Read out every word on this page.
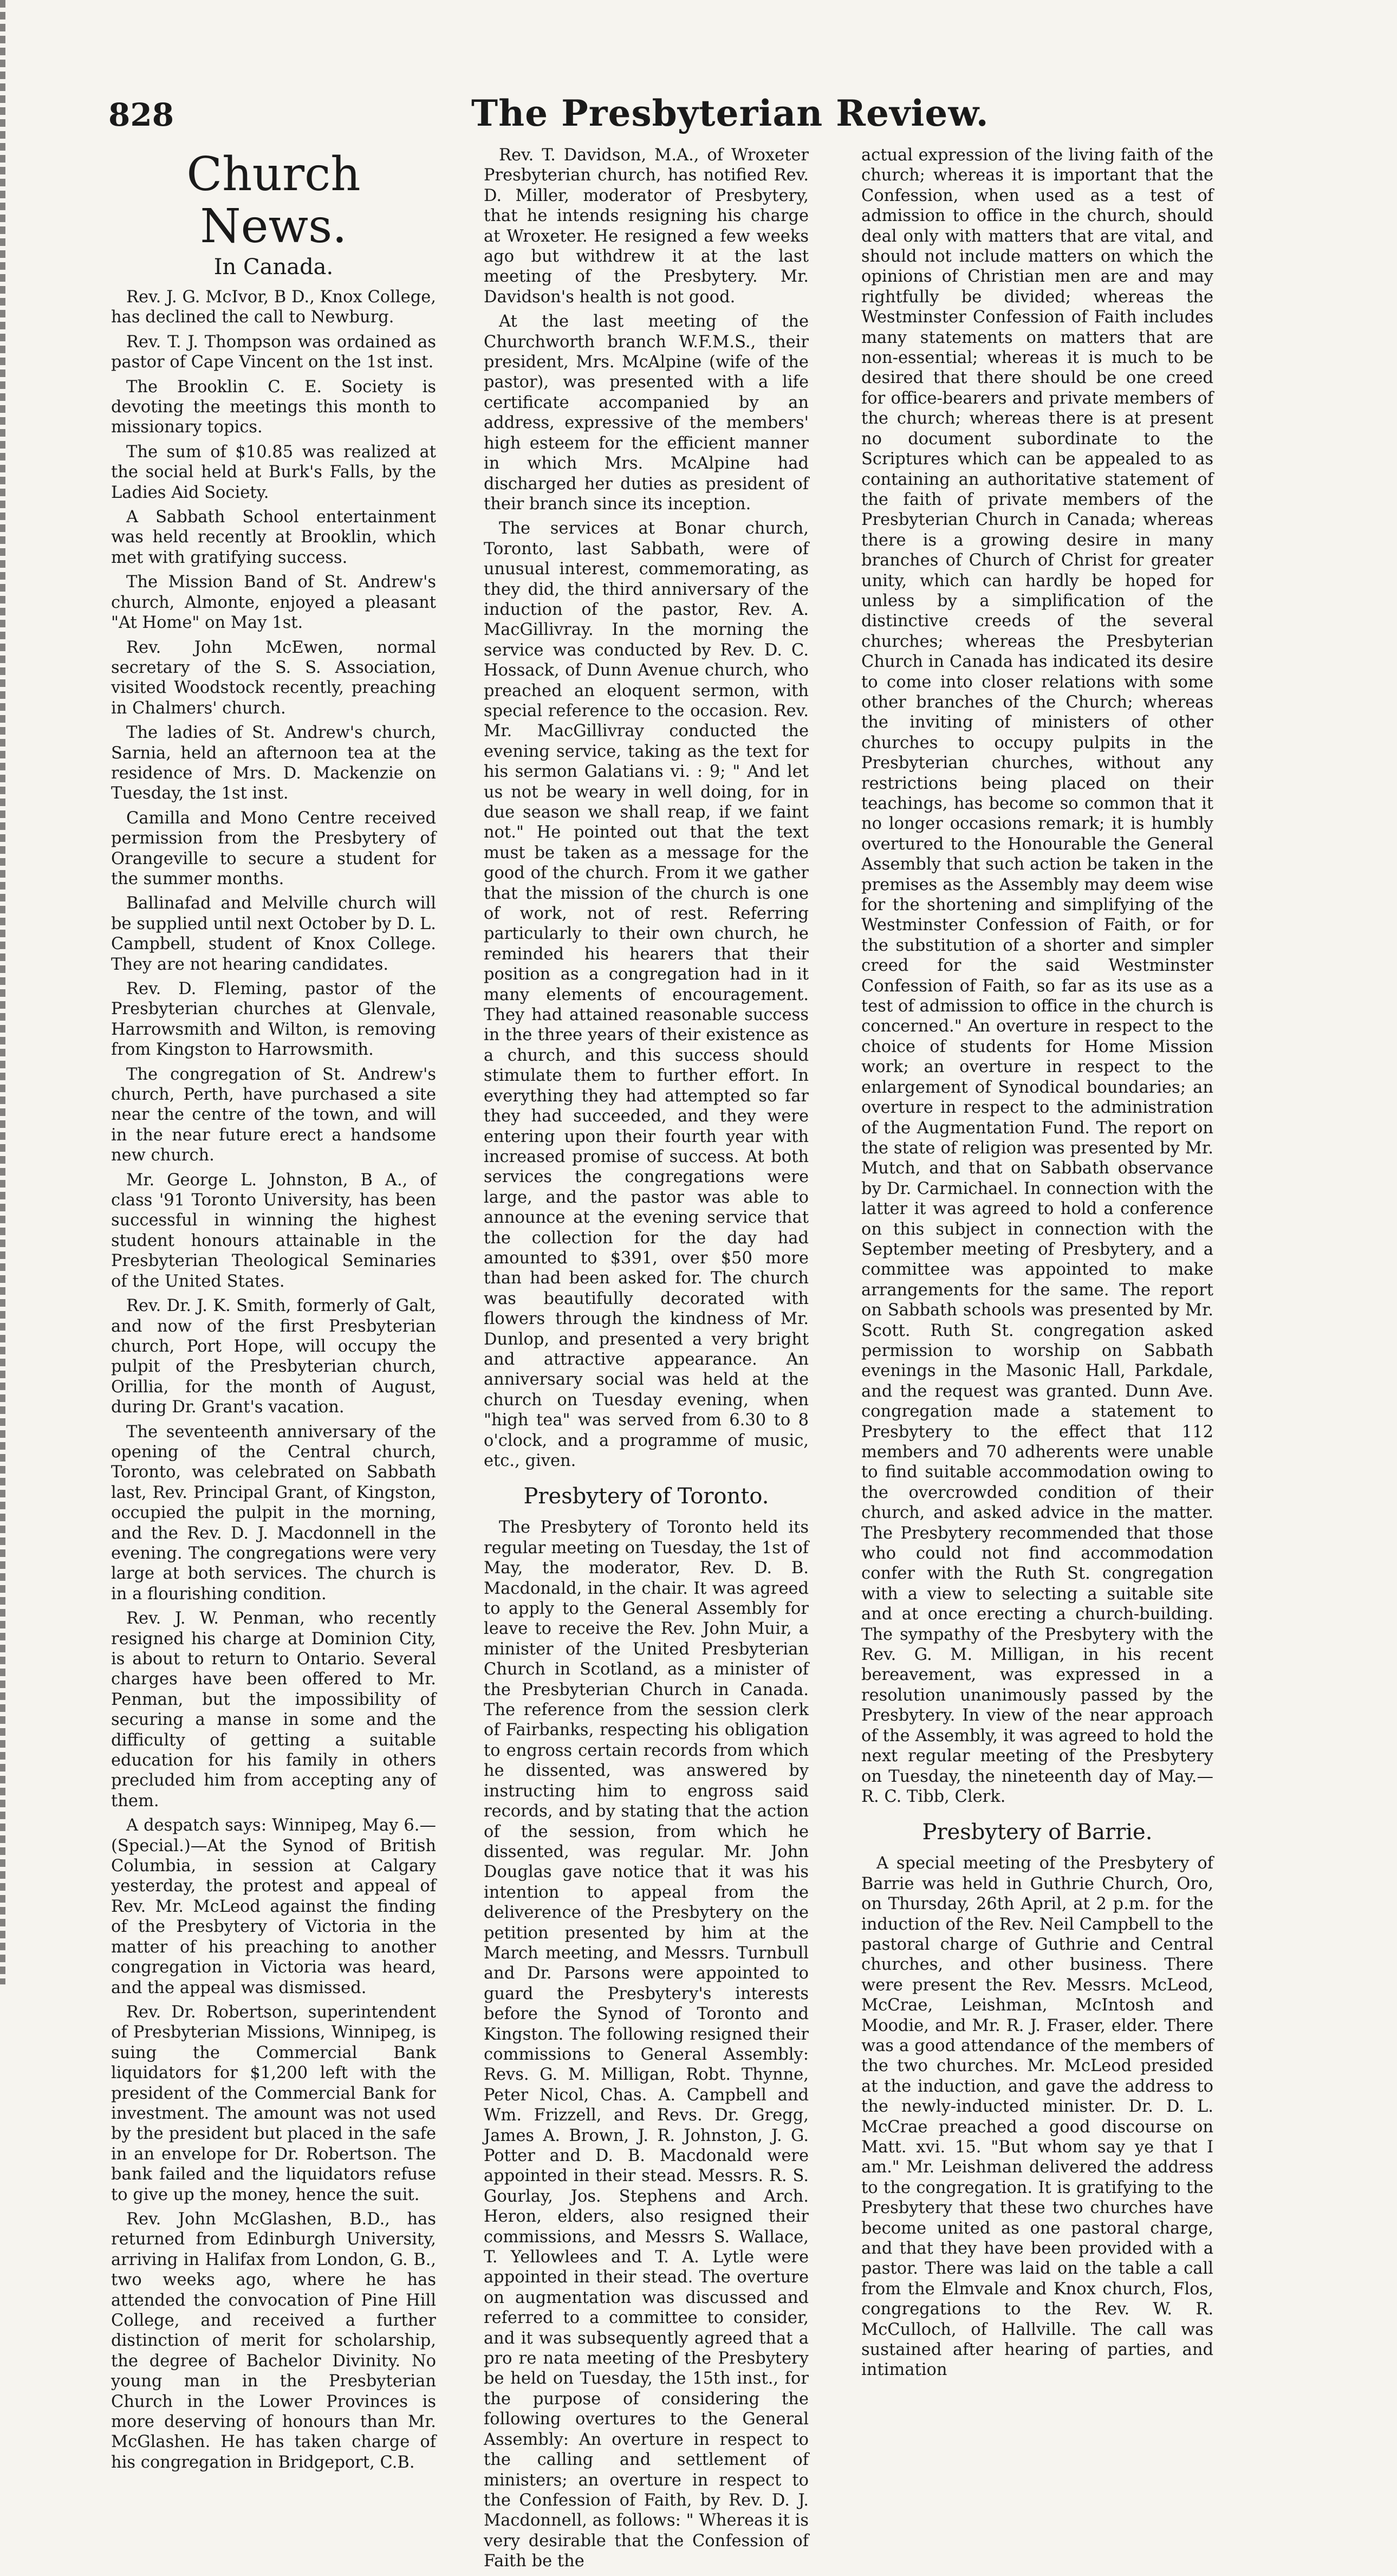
828	The Presbyterian Review.
Church News.
In Canada.

Rev. J. G. McIvor, B D., Knox College, has declined the call to Newburg.

Rev. T. J. Thompson was ordained as pastor of Cape Vincent on the 1st inst.

The Brooklin C. E. Society is devoting the meetings this month to missionary topics.

The sum of $10.85 was realized at the social held at Burk's Falls, by the Ladies Aid Society.

A Sabbath School entertainment was held recently at Brooklin, which met with gratifying success.

The Mission Band of St. Andrew's church, Almonte, enjoyed a pleasant "At Home" on May 1st.

Rev. John McEwen, normal secretary of the S. S. Association, visited Woodstock recently, preaching in Chalmers' church.

The ladies of St. Andrew's church, Sarnia, held an afternoon tea at the residence of Mrs. D. Mackenzie on Tuesday, the 1st inst.

Camilla and Mono Centre received permission from the Presbytery of Orangeville to secure a student for the summer months.

Ballinafad and Melville church will be supplied until next October by D. L. Campbell, student of Knox College. They are not hearing candidates.

Rev. D. Fleming, pastor of the Presbyterian churches at Glenvale, Harrowsmith and Wilton, is removing from Kingston to Harrowsmith.

The congregation of St. Andrew's church, Perth, have purchased a site near the centre of the town, and will in the near future erect a handsome new church.

Mr. George L. Johnston, B A., of class '91 Toronto University, has been successful in winning the highest student honours attainable in the Presbyterian Theological Seminaries of the United States.

Rev. Dr. J. K. Smith, formerly of Galt, and now of the first Presbyterian church, Port Hope, will occupy the pulpit of the Presbyterian church, Orillia, for the month of August, during Dr. Grant's vacation.

The seventeenth anniversary of the opening of the Central church, Toronto, was celebrated on Sabbath last, Rev. Principal Grant, of Kingston, occupied the pulpit in the morning, and the Rev. D. J. Macdonnell in the evening. The congregations were very large at both services. The church is in a flourishing condition.

Rev. J. W. Penman, who recently resigned his charge at Dominion City, is about to return to Ontario. Several charges have been offered to Mr. Penman, but the impossibility of securing a manse in some and the difficulty of getting a suitable education for his family in others precluded him from accepting any of them.

A despatch says: Winnipeg, May 6.—(Special.)—At the Synod of British Columbia, in session at Calgary yesterday, the protest and appeal of Rev. Mr. McLeod against the finding of the Presbytery of Victoria in the matter of his preaching to another congregation in Victoria was heard, and the appeal was dismissed.

Rev. Dr. Robertson, superintendent of Presbyterian Missions, Winnipeg, is suing the Commercial Bank liquidators for $1,200 left with the president of the Commercial Bank for investment. The amount was not used by the president but placed in the safe in an envelope for Dr. Robertson. The bank failed and the liquidators refuse to give up the money, hence the suit.

Rev. John McGlashen, B.D., has returned from Edinburgh University, arriving in Halifax from London, G. B., two weeks ago, where he has attended the convocation of Pine Hill College, and received a further distinction of merit for scholarship, the degree of Bachelor Divinity. No young man in the Presbyterian Church in the Lower Provinces is more deserving of honours than Mr. McGlashen. He has taken charge of his congregation in Bridgeport, C.B.

Rev. T. Davidson, M.A., of Wroxeter Presbyterian church, has notified Rev. D. Miller, moderator of Presbytery, that he intends resigning his charge at Wroxeter. He resigned a few weeks ago but withdrew it at the last meeting of the Presbytery. Mr. Davidson's health is not good.

At the last meeting of the Churchworth branch W.F.M.S., their president, Mrs. McAlpine (wife of the pastor), was presented with a life certificate accompanied by an address, expressive of the members' high esteem for the efficient manner in which Mrs. McAlpine had discharged her duties as president of their branch since its inception.

The services at Bonar church, Toronto, last Sabbath, were of unusual interest, commemorating, as they did, the third anniversary of the induction of the pastor, Rev. A. MacGillivray. In the morning the service was conducted by Rev. D. C. Hossack, of Dunn Avenue church, who preached an eloquent sermon, with special reference to the occasion. Rev. Mr. MacGillivray conducted the evening service, taking as the text for his sermon Galatians vi. : 9; " And let us not be weary in well doing, for in due season we shall reap, if we faint not." He pointed out that the text must be taken as a message for the good of the church. From it we gather that the mission of the church is one of work, not of rest. Referring particularly to their own church, he reminded his hearers that their position as a congregation had in it many elements of encouragement. They had attained reasonable success in the three years of their existence as a church, and this success should stimulate them to further effort. In everything they had attempted so far they had succeeded, and they were entering upon their fourth year with increased promise of success. At both services the congregations were large, and the pastor was able to announce at the evening service that the collection for the day had amounted to $391, over $50 more than had been asked for. The church was beautifully decorated with flowers through the kindness of Mr. Dunlop, and presented a very bright and attractive appearance. An anniversary social was held at the church on Tuesday evening, when "high tea" was served from 6.30 to 8 o'clock, and a programme of music, etc., given.

Presbytery of Toronto.

The Presbytery of Toronto held its regular meeting on Tuesday, the 1st of May, the moderator, Rev. D. B. Macdonald, in the chair. It was agreed to apply to the General Assembly for leave to receive the Rev. John Muir, a minister of the United Presbyterian Church in Scotland, as a minister of the Presbyterian Church in Canada. The reference from the session clerk of Fairbanks, respecting his obligation to engross certain records from which he dissented, was answered by instructing him to engross said records, and by stating that the action of the session, from which he dissented, was regular. Mr. John Douglas gave notice that it was his intention to appeal from the deliverence of the Presbytery on the petition presented by him at the March meeting, and Messrs. Turnbull and Dr. Parsons were appointed to guard the Presbytery's interests before the Synod of Toronto and Kingston. The following resigned their commissions to General Assembly: Revs. G. M. Milligan, Robt. Thynne, Peter Nicol, Chas. A. Campbell and Wm. Frizzell, and Revs. Dr. Gregg, James A. Brown, J. R. Johnston, J. G. Potter and D. B. Macdonald were appointed in their stead. Messrs. R. S. Gourlay, Jos. Stephens and Arch. Heron, elders, also resigned their commissions, and Messrs S. Wallace, T. Yellowlees and T. A. Lytle were appointed in their stead. The overture on augmentation was discussed and referred to a committee to consider, and it was subsequently agreed that a pro re nata meeting of the Presbytery be held on Tuesday, the 15th inst., for the purpose of considering the following overtures to the General Assembly: An overture in respect to the calling and settlement of ministers; an overture in respect to the Confession of Faith, by Rev. D. J. Macdonnell, as follows: " Whereas it is very desirable that the Confession of Faith be the

actual expression of the living faith of the church; whereas it is important that the Confession, when used as a test of admission to office in the church, should deal only with matters that are vital, and should not include matters on which the opinions of Christian men are and may rightfully be divided; whereas the Westminster Confession of Faith includes many statements on matters that are non-essential; whereas it is much to be desired that there should be one creed for office-bearers and private members of the church; whereas there is at present no document subordinate to the Scriptures which can be appealed to as containing an authoritative statement of the faith of private members of the Presbyterian Church in Canada; whereas there is a growing desire in many branches of Church of Christ for greater unity, which can hardly be hoped for unless by a simplification of the distinctive creeds of the several churches; whereas the Presbyterian Church in Canada has indicated its desire to come into closer relations with some other branches of the Church; whereas the inviting of ministers of other churches to occupy pulpits in the Presbyterian churches, without any restrictions being placed on their teachings, has become so common that it no longer occasions remark; it is humbly overtured to the Honourable the General Assembly that such action be taken in the premises as the Assembly may deem wise for the shortening and simplifying of the Westminster Confession of Faith, or for the substitution of a shorter and simpler creed for the said Westminster Confession of Faith, so far as its use as a test of admission to office in the church is concerned." An overture in respect to the choice of students for Home Mission work; an overture in respect to the enlargement of Synodical boundaries; an overture in respect to the administration of the Augmentation Fund. The report on the state of religion was presented by Mr. Mutch, and that on Sabbath observance by Dr. Carmichael. In connection with the latter it was agreed to hold a conference on this subject in connection with the September meeting of Presbytery, and a committee was appointed to make arrangements for the same. The report on Sabbath schools was presented by Mr. Scott. Ruth St. congregation asked permission to worship on Sabbath evenings in the Masonic Hall, Parkdale, and the request was granted. Dunn Ave. congregation made a statement to Presbytery to the effect that 112 members and 70 adherents were unable to find suitable accommodation owing to the overcrowded condition of their church, and asked advice in the matter. The Presbytery recommended that those who could not find accommodation confer with the Ruth St. congregation with a view to selecting a suitable site and at once erecting a church-building. The sympathy of the Presbytery with the Rev. G. M. Milligan, in his recent bereavement, was expressed in a resolution unanimously passed by the Presbytery. In view of the near approach of the Assembly, it was agreed to hold the next regular meeting of the Presbytery on Tuesday, the nineteenth day of May.—R. C. Tibb, Clerk.

Presbytery of Barrie.

A special meeting of the Presbytery of Barrie was held in Guthrie Church, Oro, on Thursday, 26th April, at 2 p.m. for the induction of the Rev. Neil Campbell to the pastoral charge of Guthrie and Central churches, and other business. There were present the Rev. Messrs. McLeod, McCrae, Leishman, McIntosh and Moodie, and Mr. R. J. Fraser, elder. There was a good attendance of the members of the two churches. Mr. McLeod presided at the induction, and gave the address to the newly-inducted minister. Dr. D. L. McCrae preached a good discourse on Matt. xvi. 15. "But whom say ye that I am." Mr. Leishman delivered the address to the congregation. It is gratifying to the Presbytery that these two churches have become united as one pastoral charge, and that they have been provided with a pastor. There was laid on the table a call from the Elmvale and Knox church, Flos, congregations to the Rev. W. R. McCulloch, of Hallville. The call was sustained after hearing of parties, and intimation
